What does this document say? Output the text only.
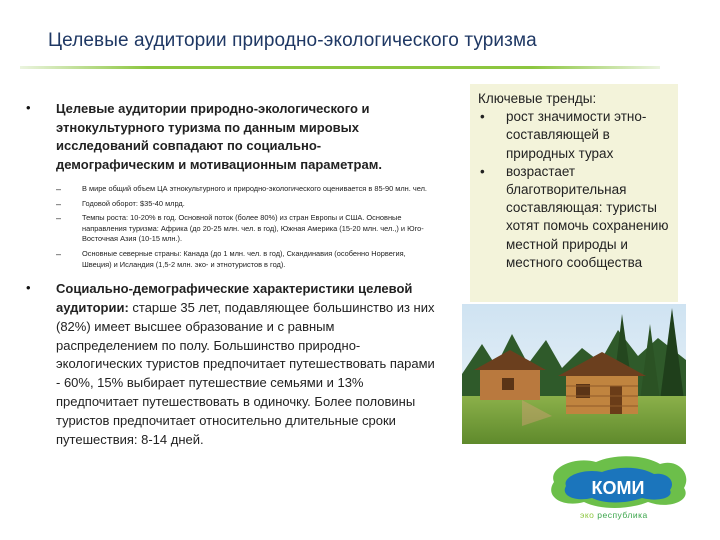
Целевые аудитории природно-экологического туризма
• Целевые аудитории природно-экологического и этнокультурного туризма по данным мировых исследований совпадают по социально-демографическим и мотивационным параметрам.
–	В мире общий объем ЦА этнокультурного и природно-экологического оценивается в 85-90 млн. чел.
–	Годовой оборот: $35-40 млрд.
–	Темпы роста: 10-20% в год. Основной поток (более 80%) из стран Европы и США. Основные направления туризма: Африка (до 20-25 млн. чел. в год), Южная Америка (15-20 млн. чел.,) и Юго-Восточная Азия (10-15 млн.).
–	Основные северные страны: Канада (до 1 млн. чел. в год), Скандинавия (особенно Норвегия, Швеция) и Исландия (1,5-2 млн. эко- и этнотуристов в год).
• Социально-демографические характеристики целевой аудитории: старше 35 лет, подавляющее большинство из них (82%) имеет высшее образование и с равным распределением по полу. Большинство природно-экологических туристов предпочитает путешествовать парами - 60%, 15% выбирает путешествие семьями и 13% предпочитает путешествовать в одиночку. Более половины туристов предпочитает относительно длительные сроки путешествия: 8-14 дней.
Ключевые тренды:
• рост значимости этно-составляющей в природных турах
• возрастает благотворительная составляющая: туристы хотят помочь сохранению местной природы и местного сообщества
КОМИ
эко республика
